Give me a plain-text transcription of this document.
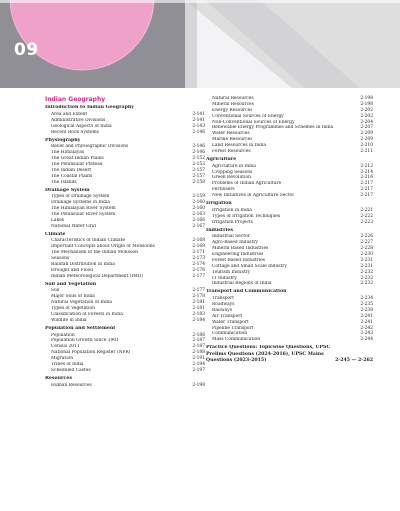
09
Indian Geography
Introduction to Indian Geography
Area and Extent	2-141
Administrative Divisions	2-141
Geological Aspects of India	2-143
Recent Rock Systems	2-146
Physiography
Relief and Physiographic Divisions	2-146
The Himalayas	2-146
The Great Indian Plains	2-152
The Peninsular Plateau	2-153
The Indian Desert	2-157
The Coastal Plains	2-157
The Islands	2-158
Drainage System
Types of Drainage System	2-159
Drainage Systems in India	2-160
The Himalayan River System	2-160
The Peninsular River System	2-163
Lakes	2-166
National Water Grid	2-167
Climate
Characteristics of Indian Climate	2-168
Important Concepts about Origin of Monsoons	2-169
The Mechanism of the Indian Monsoon	2-171
Seasons	2-173
Rainfall Distribution in India	2-174
Drought and Flood	2-176
Indian Meteorological Department (IMD)	2-177
Soil and Vegetation
Soil	2-177
Major Soils of India	2-178
Natural Vegetation of India	2-181
Types of Vegetation	2-181
Classification of Forests in India	2-183
Wildlife in India	2-184
Population and Settlement
Population	2-186
Population Growth Since 1901	2-187
Census 2011	2-187
National Population Register (NPR)	2-188
Migration	2-191
Tribes of India	2-194
Scheduled Castes	2-197
Resources
Human Resources	2-198
Natural Resources	2-198
Mineral Resources	2-198
Energy Resources	2-202
Conventional Sources of Energy	2-202
Non-Conventional Sources of Energy	2-204
Renewable Energy Programmes and Schemes in India	2-207
Water Resources	2-209
Marine Resources	2-209
Land Resources in India	2-210
Forest Resources	2-211
Agriculture
Agriculture in India	2-212
Cropping Seasons	2-214
Green Revolution	2-216
Problems of Indian Agriculture	2-217
Fertilisers	2-217
New Initiatives in Agriculture Sector	2-217
Irrigation
Irrigation in India	2-221
Types of Irrigation Techniques	2-222
Irrigation Projects	2-223
Industries
Industrial Sector	2-226
Agro-Based Industry	2-227
Mineral Based Industries	2-228
Engineering Industries	2-230
Forest Based Industries	2-231
Cottage and Small Scale Industry	2-231
Tourism Industry	2-232
IT Industry	2-232
Industrial Regions of India	2-232
Transport and Communication
Transport	2-234
Roadways	2-235
Railways	2-238
Air Transport	2-241
Water Transport	2-241
Pipeline Transport	2-242
Communication	2-243
Mass Communication	2-244
Practice Questions: Topicwise Questions, UPSC Prelims Questions (2024-2016), UPSC Mains Questions (2023-2015)	2-245 — 2-262
